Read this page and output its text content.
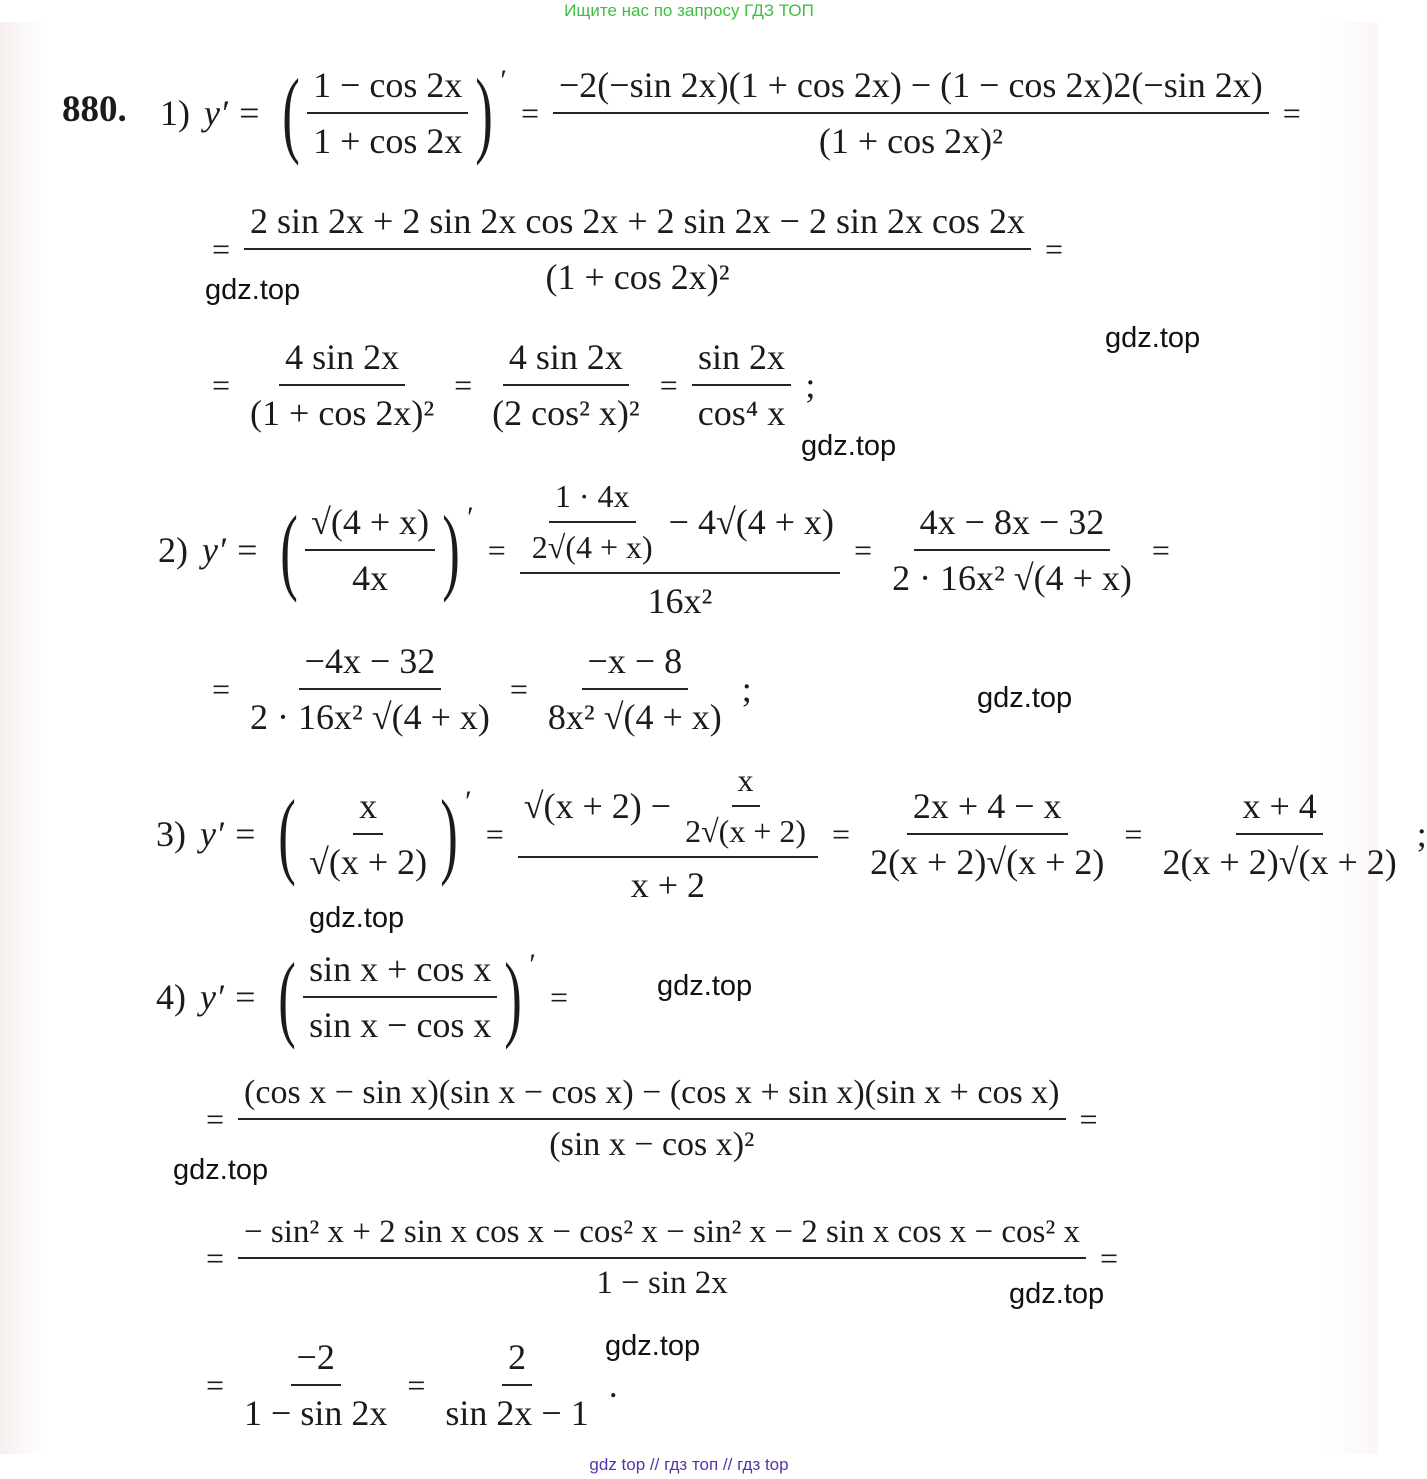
Ищите нас по запросу ГДЗ ТОП
880. 1) y′ = ( $\frac{1 - \cos 2x}{1 + \cos 2x}$ ) ′
= $\frac{-2(-\sin 2x)(1 + \cos 2x) - (1 - \cos 2x)2(-\sin 2x)}{\text{(1 + cos 2x)²}}$ =
= $\frac{\text{2 sin 2x + 2 sin 2x cos 2x + 2 sin 2x − 2 sin 2x cos 2x}}{\text{(1 + cos 2x)²}}$ =
= $\frac{4 \sin 2x}{\text{(1 + cos 2x)²}} = \frac{4 \sin 2x}{\text{(2 cos² x)²}} = \frac{\sin 2x}{\text{cos⁴ x}}$ ;
2) y′ = ( $\frac{√(4 + x)}{4x}$ ) ′
= $\frac{\frac{1 \cdot 4x}{2√(4 + x)} - 4√(4 + x)}{\text{16x²}} = \frac{4x - 8x - 32}{\text{2 · 16x² √(4 + x)}}$ =
= $\frac{-4x - 32}{\text{2 · 16x² √(4 + x)}} = \frac{-x - 8}{\text{8x² √(4 + x)}}$ ;
3) y′ = ( $\frac{x}{√(x + 2)}$ ) ′
= $\frac{√(x + 2) - \frac{x}{2√(x + 2)}}{x + 2} = \frac{2x + 4 - x}{2(x + 2)√(x + 2)} = \frac{x + 4}{2(x + 2)√(x + 2)}$ ;
4) y′ = ( $\frac{\text{sin x + cos x}}{\text{sin x − cos x}}$ ) ′
=
=
(cos x − sin x)(sin x − cos x) − (cos x + sin x)(sin x + cos x)
(sin x − cos x)²
=
=
− sin² x + 2 sin x cos x − cos² x − sin² x − 2 sin x cos x − cos² x
1 − sin 2x
=
= $\frac{-2}{1 - \sin 2x} = \frac{2}{\sin 2x - 1}$ .
gdz.top
gdz.top
gdz.top
gdz.top
gdz.top
gdz.top
gdz.top
gdz.top
gdz.top
gdz top // гдз топ // гдз top
